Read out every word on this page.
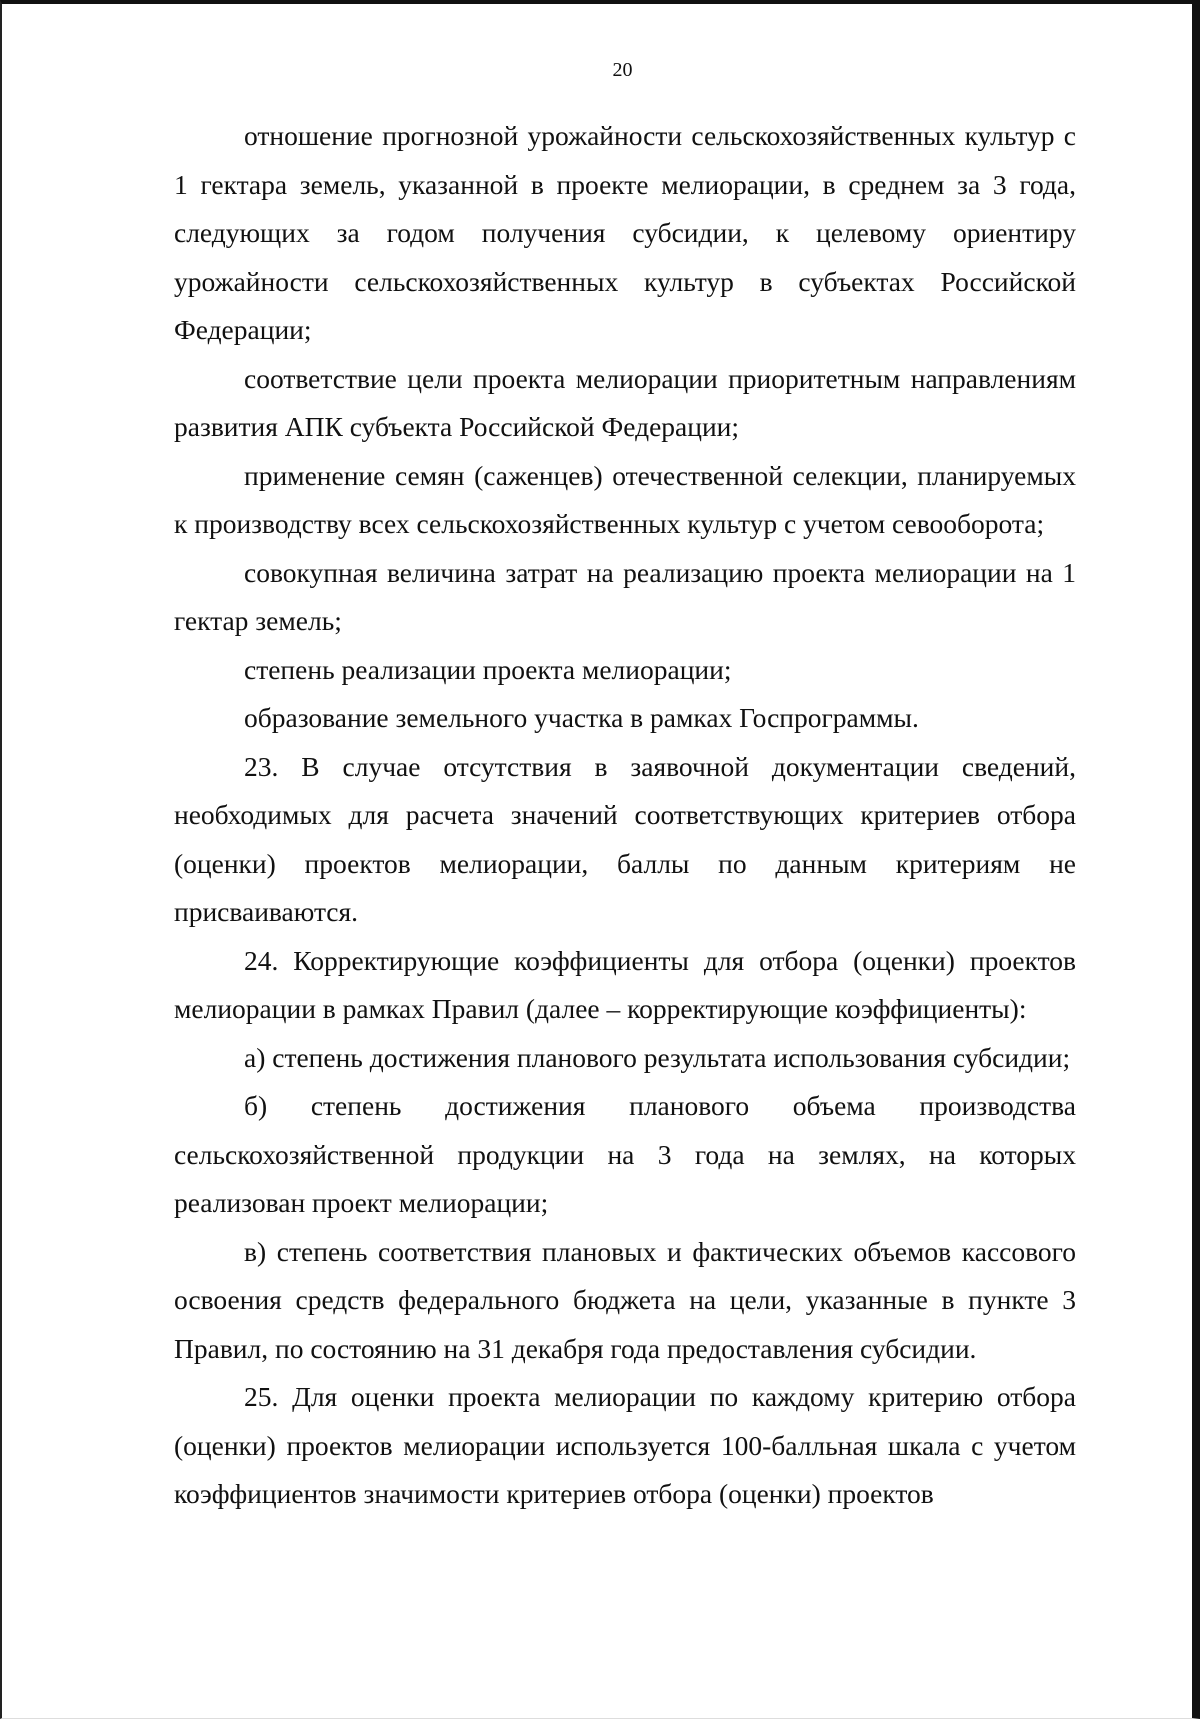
20

отношение прогнозной урожайности сельскохозяйственных культур с 1 гектара земель, указанной в проекте мелиорации, в среднем за 3 года, следующих за годом получения субсидии, к целевому ориентиру урожайности сельскохозяйственных культур в субъектах Российской Федерации;

соответствие цели проекта мелиорации приоритетным направлениям развития АПК субъекта Российской Федерации;

применение семян (саженцев) отечественной селекции, планируемых к производству всех сельскохозяйственных культур с учетом севооборота;

совокупная величина затрат на реализацию проекта мелиорации на 1 гектар земель;

степень реализации проекта мелиорации;

образование земельного участка в рамках Госпрограммы.

23. В случае отсутствия в заявочной документации сведений, необходимых для расчета значений соответствующих критериев отбора (оценки) проектов мелиорации, баллы по данным критериям не присваиваются.

24. Корректирующие коэффициенты для отбора (оценки) проектов мелиорации в рамках Правил (далее – корректирующие коэффициенты):

а) степень достижения планового результата использования субсидии;

б) степень достижения планового объема производства сельскохозяйственной продукции на 3 года на землях, на которых реализован проект мелиорации;

в) степень соответствия плановых и фактических объемов кассового освоения средств федерального бюджета на цели, указанные в пункте 3 Правил, по состоянию на 31 декабря года предоставления субсидии.

25. Для оценки проекта мелиорации по каждому критерию отбора (оценки) проектов мелиорации используется 100-балльная шкала с учетом коэффициентов значимости критериев отбора (оценки) проектов
